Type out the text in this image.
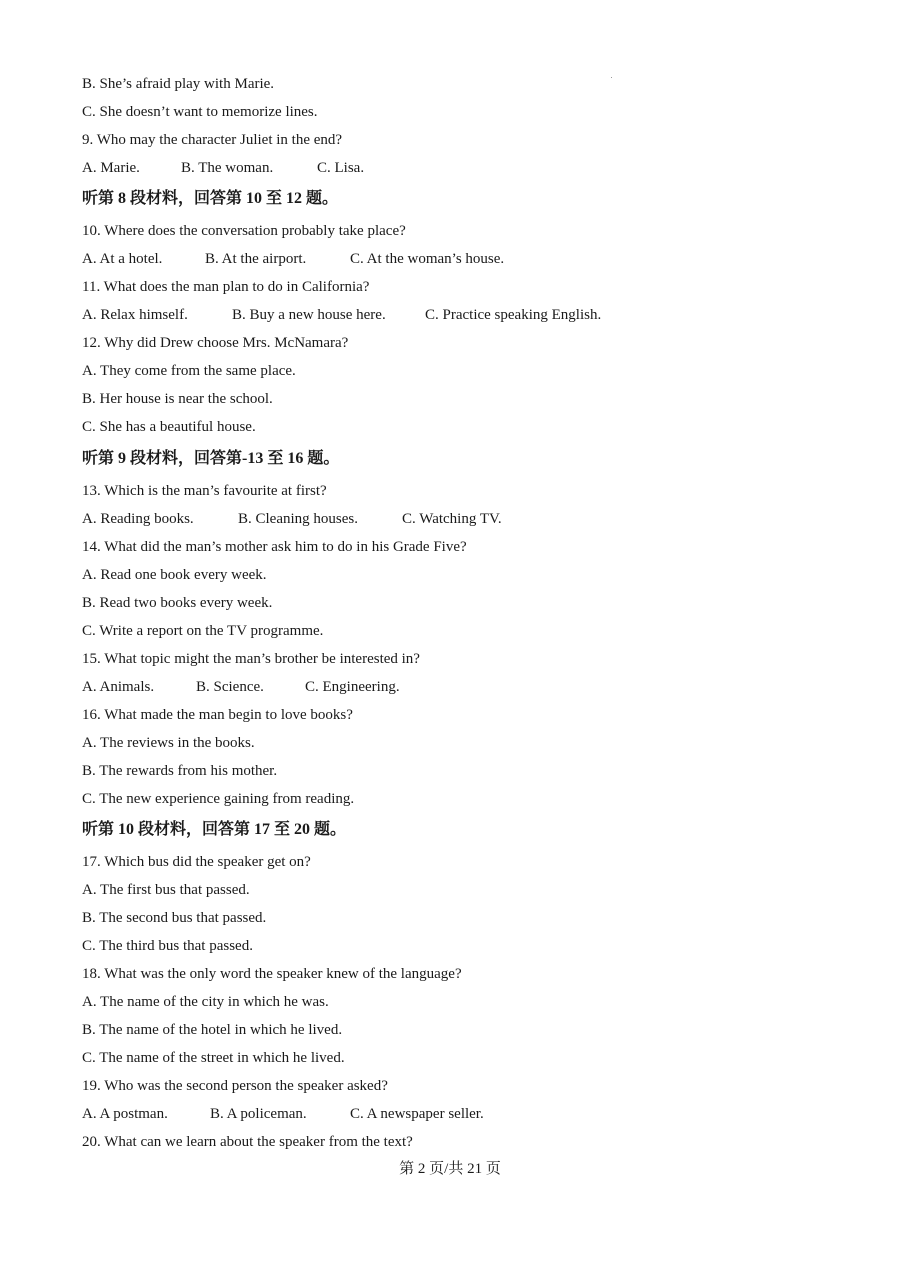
B. She’s afraid play with Marie.
C. She doesn’t want to memorize lines.
9. Who may the character Juliet in the end?
A. Marie.	B. The woman.	C. Lisa.
听第 8 段材料，回答第 10 至 12 题。
10. Where does the conversation probably take place?
A. At a hotel.	B. At the airport.	C. At the woman’s house.
11. What does the man plan to do in California?
A. Relax himself.	B. Buy a new house here.	C. Practice speaking English.
12. Why did Drew choose Mrs. McNamara?
A. They come from the same place.
B. Her house is near the school.
C. She has a beautiful house.
听第 9 段材料，回答第-13 至 16 题。
13. Which is the man’s favourite at first?
A. Reading books.	B. Cleaning houses.	C. Watching TV.
14. What did the man’s mother ask him to do in his Grade Five?
A. Read one book every week.
B. Read two books every week.
C. Write a report on the TV programme.
15. What topic might the man’s brother be interested in?
A. Animals.	B. Science.	C. Engineering.
16. What made the man begin to love books?
A. The reviews in the books.
B. The rewards from his mother.
C. The new experience gaining from reading.
听第 10 段材料，回答第 17 至 20 题。
17. Which bus did the speaker get on?
A. The first bus that passed.
B. The second bus that passed.
C. The third bus that passed.
18. What was the only word the speaker knew of the language?
A. The name of the city in which he was.
B. The name of the hotel in which he lived.
C. The name of the street in which he lived.
19. Who was the second person the speaker asked?
A. A postman.	B. A policeman.	C. A newspaper seller.
20. What can we learn about the speaker from the text?
第 2 页/共 21 页
